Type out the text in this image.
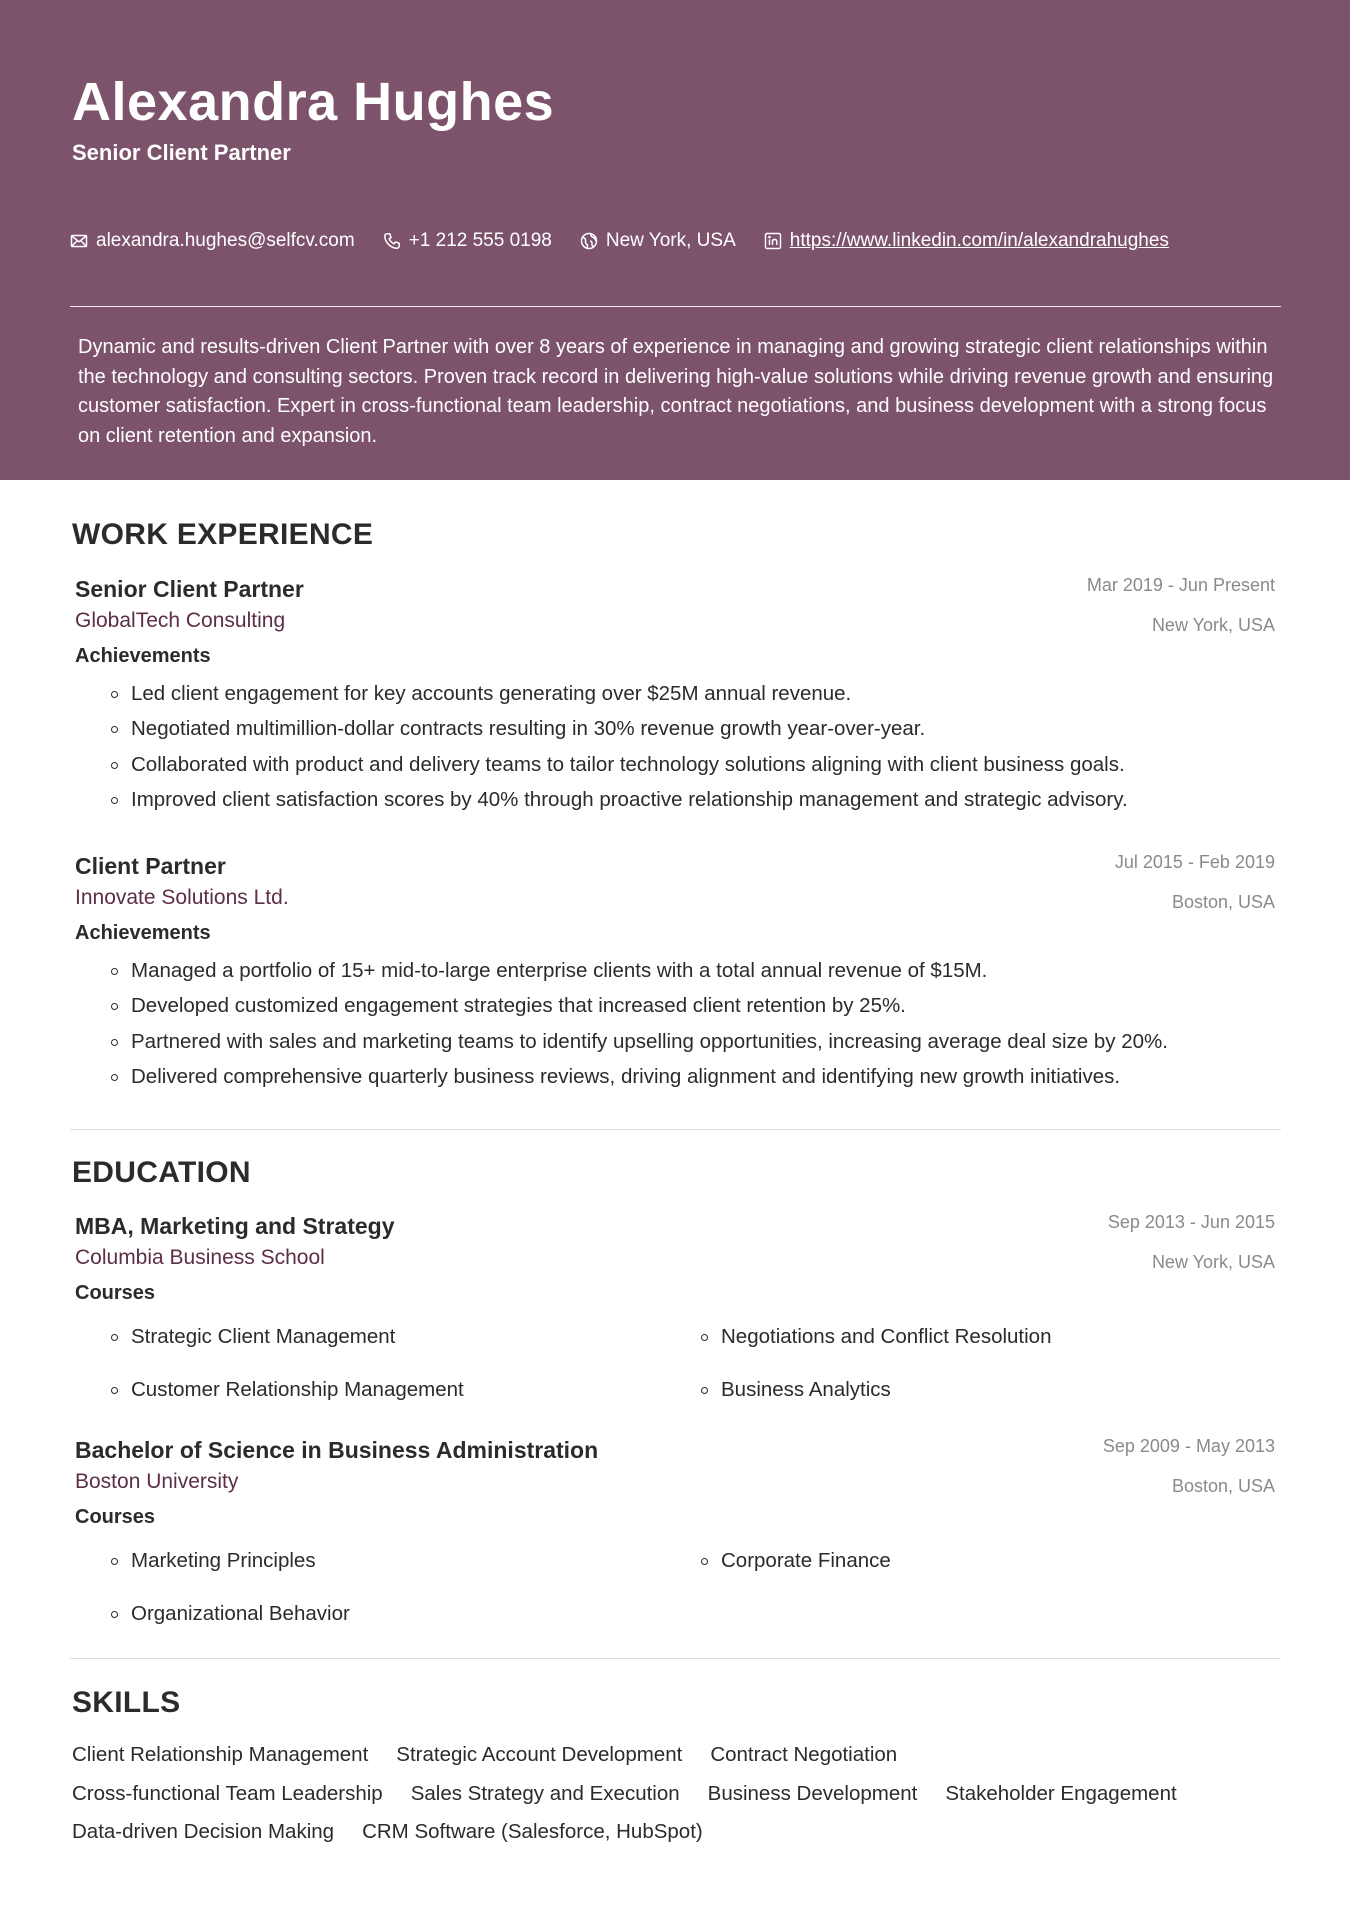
Alexandra Hughes
Senior Client Partner
alexandra.hughes@selfcv.com	+1 212 555 0198	New York, USA	https://www.linkedin.com/in/alexandrahughes
Dynamic and results-driven Client Partner with over 8 years of experience in managing and growing strategic client relationships within the technology and consulting sectors. Proven track record in delivering high-value solutions while driving revenue growth and ensuring customer satisfaction. Expert in cross-functional team leadership, contract negotiations, and business development with a strong focus on client retention and expansion.
WORK EXPERIENCE
Senior Client Partner
GlobalTech Consulting
Mar 2019 - Jun Present
New York, USA
Achievements
Led client engagement for key accounts generating over $25M annual revenue.
Negotiated multimillion-dollar contracts resulting in 30% revenue growth year-over-year.
Collaborated with product and delivery teams to tailor technology solutions aligning with client business goals.
Improved client satisfaction scores by 40% through proactive relationship management and strategic advisory.
Client Partner
Innovate Solutions Ltd.
Jul 2015 - Feb 2019
Boston, USA
Achievements
Managed a portfolio of 15+ mid-to-large enterprise clients with a total annual revenue of $15M.
Developed customized engagement strategies that increased client retention by 25%.
Partnered with sales and marketing teams to identify upselling opportunities, increasing average deal size by 20%.
Delivered comprehensive quarterly business reviews, driving alignment and identifying new growth initiatives.
EDUCATION
MBA, Marketing and Strategy
Columbia Business School
Sep 2013 - Jun 2015
New York, USA
Courses
Strategic Client Management	Negotiations and Conflict Resolution
Customer Relationship Management	Business Analytics
Bachelor of Science in Business Administration
Boston University
Sep 2009 - May 2013
Boston, USA
Courses
Marketing Principles	Corporate Finance
Organizational Behavior
SKILLS
Client Relationship Management Strategic Account Development Contract Negotiation
Cross-functional Team Leadership Sales Strategy and Execution Business Development Stakeholder Engagement
Data-driven Decision Making CRM Software (Salesforce, HubSpot)
